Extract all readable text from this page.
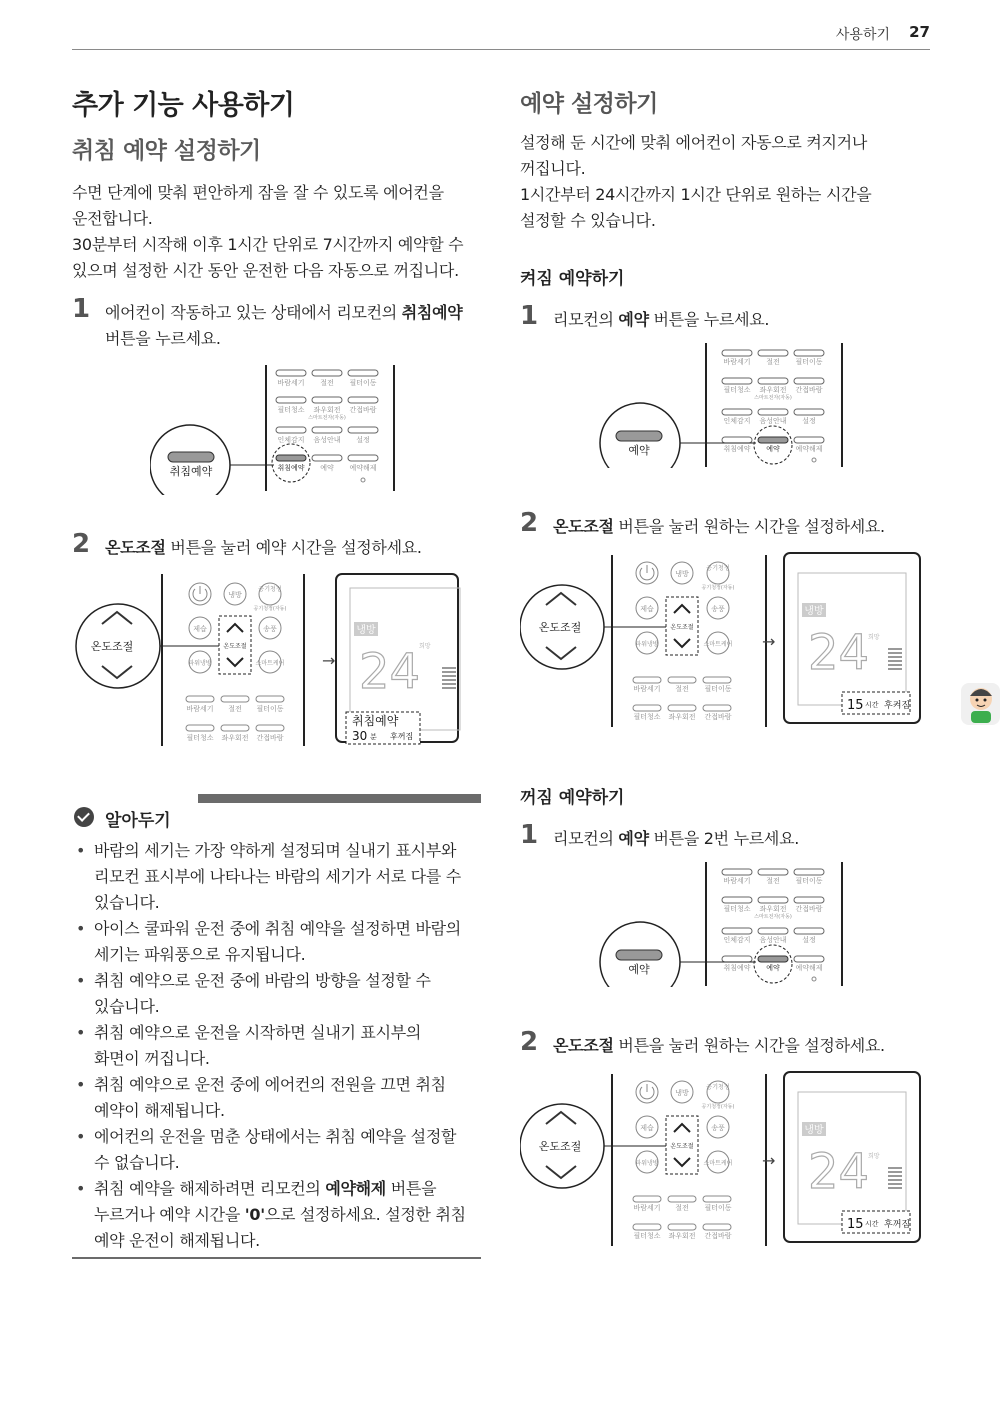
사용하기 27
추가 기능 사용하기
취침 예약 설정하기
수면 단계에 맞춰 편안하게 잠을 잘 수 있도록 에어컨을
운전합니다.
30분부터 시작해 이후 1시간 단위로 7시간까지 예약할 수
있으며 설정한 시간 동안 운전한 다음 자동으로 꺼집니다.
1 에어컨이 작동하고 있는 상태에서 리모컨의 취침예약
버튼을 누르세요.
바람세기 절전 필터이동
필터청소 좌우회전 간접바람
스마트전자(자동)
인체감지 음성안내 설정
예약 예약해제
취침예약
취침예약
2 온도조절 버튼을 눌러 예약 시간을 설정하세요.
냉방
공기청정
공기청정(자동)
제습	송풍
파워냉방	스마트케어
바람세기 절전 필터이동
필터청소 좌우회전 간접바람
온도조절
온도조절
→
냉방
24
희망
취침예약
30 분 후꺼짐
알아두기
• 바람의 세기는 가장 약하게 설정되며 실내기 표시부와
리모컨 표시부에 나타나는 바람의 세기가 서로 다를 수
있습니다.
• 아이스 쿨파워 운전 중에 취침 예약을 설정하면 바람의
세기는 파워풍으로 유지됩니다.
• 취침 예약으로 운전 중에 바람의 방향을 설정할 수
있습니다.
• 취침 예약으로 운전을 시작하면 실내기 표시부의
화면이 꺼집니다.
• 취침 예약으로 운전 중에 에어컨의 전원을 끄면 취침
예약이 해제됩니다.
• 에어컨의 운전을 멈춘 상태에서는 취침 예약을 설정할
수 없습니다.
• 취침 예약을 해제하려면 리모컨의 예약해제 버튼을
누르거나 예약 시간을 '0'으로 설정하세요. 설정한 취침
예약 운전이 해제됩니다.
예약 설정하기
설정해 둔 시간에 맞춰 에어컨이 자동으로 켜지거나
꺼집니다.
1시간부터 24시간까지 1시간 단위로 원하는 시간을
설정할 수 있습니다.
켜짐 예약하기
1 리모컨의 예약 버튼을 누르세요.
바람세기 절전 필터이동
필터청소 좌우회전 간접바람
스마트전자(자동)
인체감지 음성안내 설정
취침예약	예약해제
예약
예약
2 온도조절 버튼을 눌러 원하는 시간을 설정하세요.
냉방
공기청정
공기청정(자동)
제습	송풍
파워냉방	스마트케어
바람세기 절전 필터이동
필터청소 좌우회전 간접바람
온도조절
온도조절
→
냉방
24
희망
15 시간 후켜짐
꺼짐 예약하기
1 리모컨의 예약 버튼을 2번 누르세요.
바람세기 절전 필터이동
필터청소 좌우회전 간접바람
스마트전자(자동)
인체감지 음성안내 설정
취침예약	예약해제
예약
예약
2 온도조절 버튼을 눌러 원하는 시간을 설정하세요.
냉방
공기청정
공기청정(자동)
제습	송풍
파워냉방	스마트케어
바람세기 절전 필터이동
필터청소 좌우회전 간접바람
온도조절
온도조절
→
냉방
24
희망
15 시간 후꺼짐
